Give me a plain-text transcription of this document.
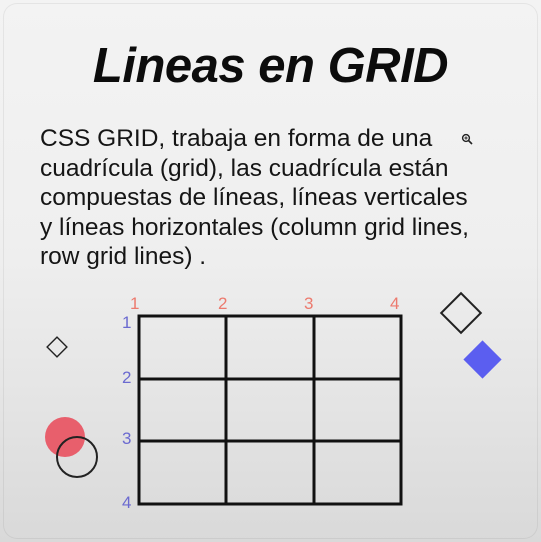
Lineas en GRID
CSS GRID, trabaja en forma de una
cuadrícula (grid), las cuadrícula están
compuestas de líneas, líneas verticales
y líneas horizontales (column grid lines,
row grid lines) .
1	2	3	4
1
2
3
4
